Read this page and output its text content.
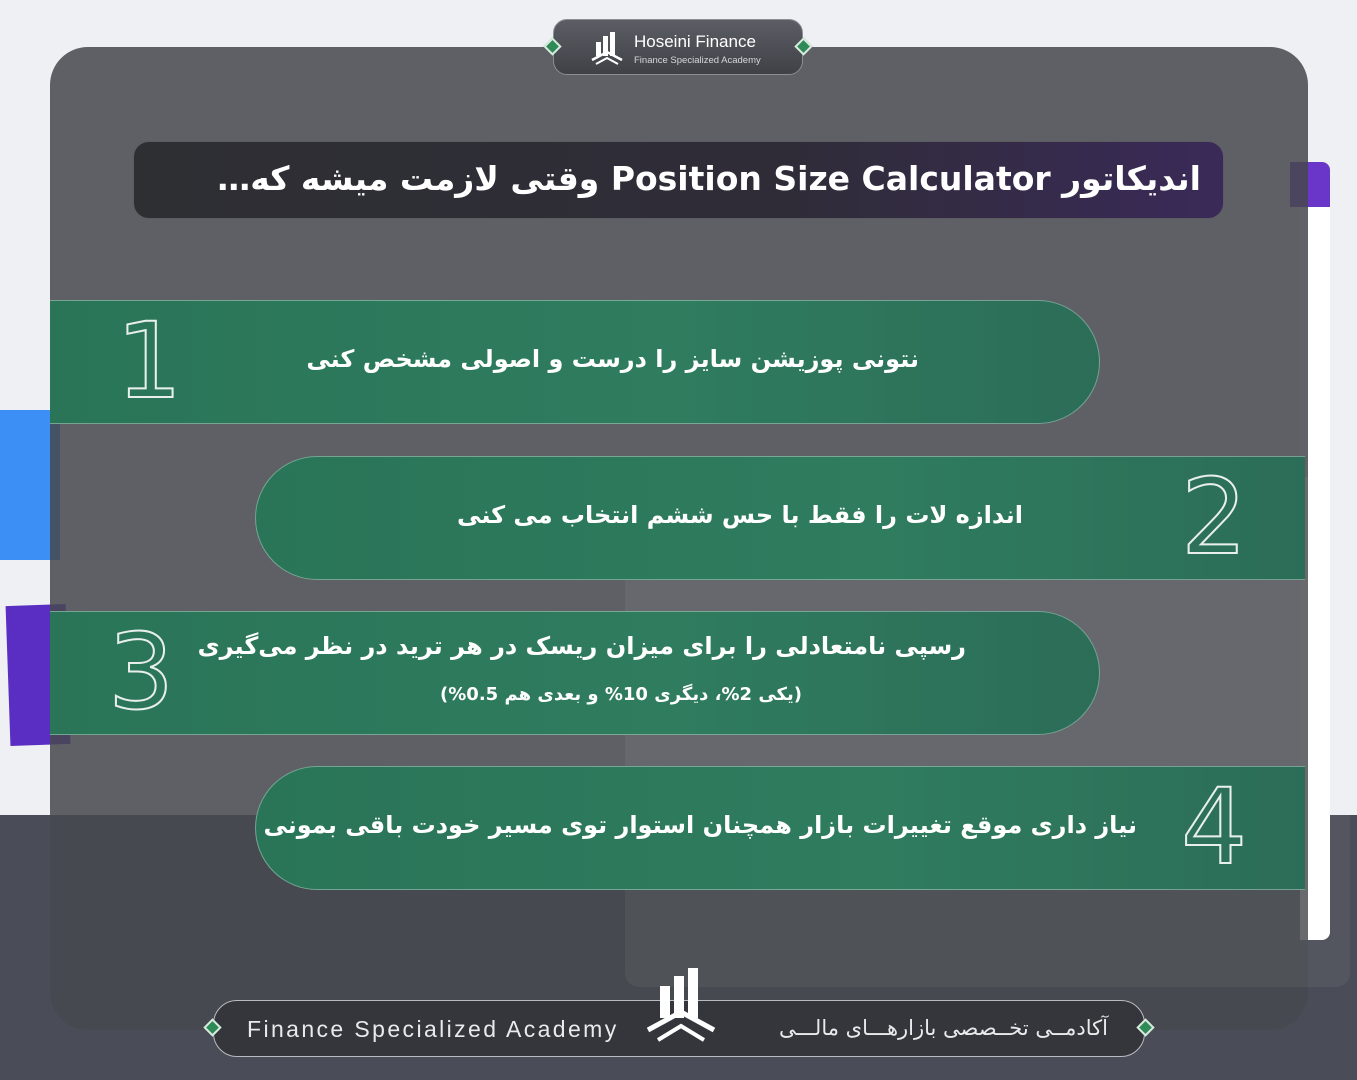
Hoseini Finance
Finance Specialized Academy
اندیکاتور Position Size Calculator وقتی لازمت میشه که…
1	نتونی پوزیشن سایز را درست و اصولی مشخص کنی
اندازه لات را فقط با حس ششم انتخاب می کنی 2
3 رسپی نامتعادلی را برای میزان ریسک در هر ترید در نظر می‌گیری
(یکی 2%، دیگری 10% و بعدی هم 0.5%)
نیاز داری موقع تغییرات بازار همچنان استوار توی مسیر خودت باقی بمونی 4
Finance Specialized Academy	آکادمــی تخــصصی بازارهـــای مالـــی
